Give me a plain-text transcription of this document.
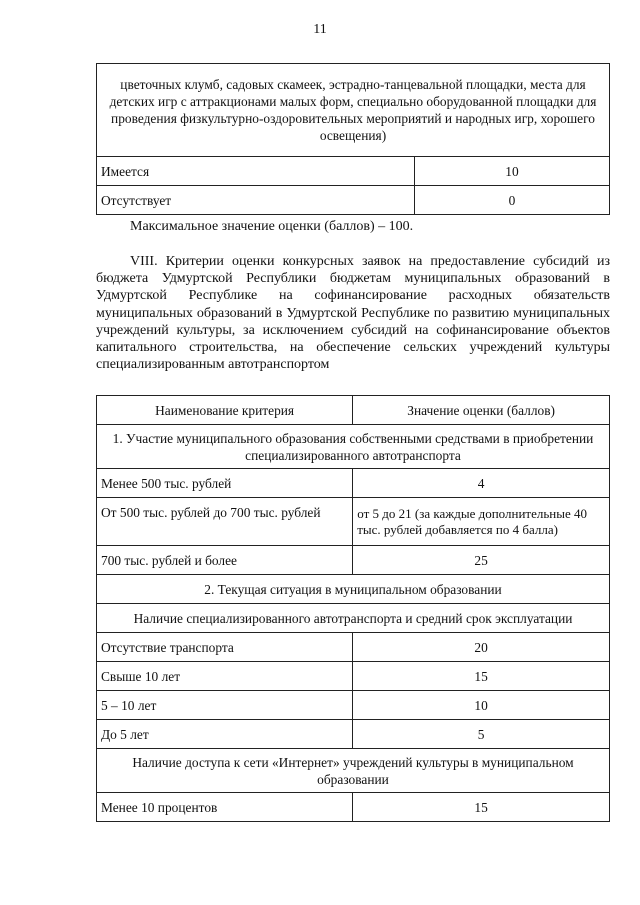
11
цветочных клумб, садовых скамеек, эстрадно-танцевальной площадки, места для детских игр с аттракционами малых форм, специально оборудованной площадки для проведения физкультурно-оздоровительных мероприятий и народных игр, хорошего освещения)	
Имеется	10
Отсутствует	0
Максимальное значение оценки (баллов) – 100.
VIII. Критерии оценки конкурсных заявок на предоставление субсидий из бюджета Удмуртской Республики бюджетам муниципальных образований в Удмуртской Республике на софинансирование расходных обязательств муниципальных образований в Удмуртской Республике по развитию муниципальных учреждений культуры, за исключением субсидий на софинансирование объектов капитального строительства, на обеспечение сельских учреждений культуры специализированным автотранспортом
Наименование критерия	Значение оценки (баллов)
1. Участие муниципального образования собственными средствами в приобретении специализированного автотранспорта	
Менее 500 тыс. рублей	4
От 500 тыс. рублей до 700 тыс. рублей	от 5 до 21 (за каждые дополнительные 40 тыс. рублей добавляется по 4 балла)
700 тыс. рублей и более	25
2. Текущая ситуация в муниципальном образовании	
Наличие специализированного автотранспорта и средний срок эксплуатации	
Отсутствие транспорта	20
Свыше 10 лет	15
5 – 10 лет	10
До 5 лет	5
Наличие доступа к сети «Интернет» учреждений культуры в муниципальном образовании	
Менее 10 процентов	15
